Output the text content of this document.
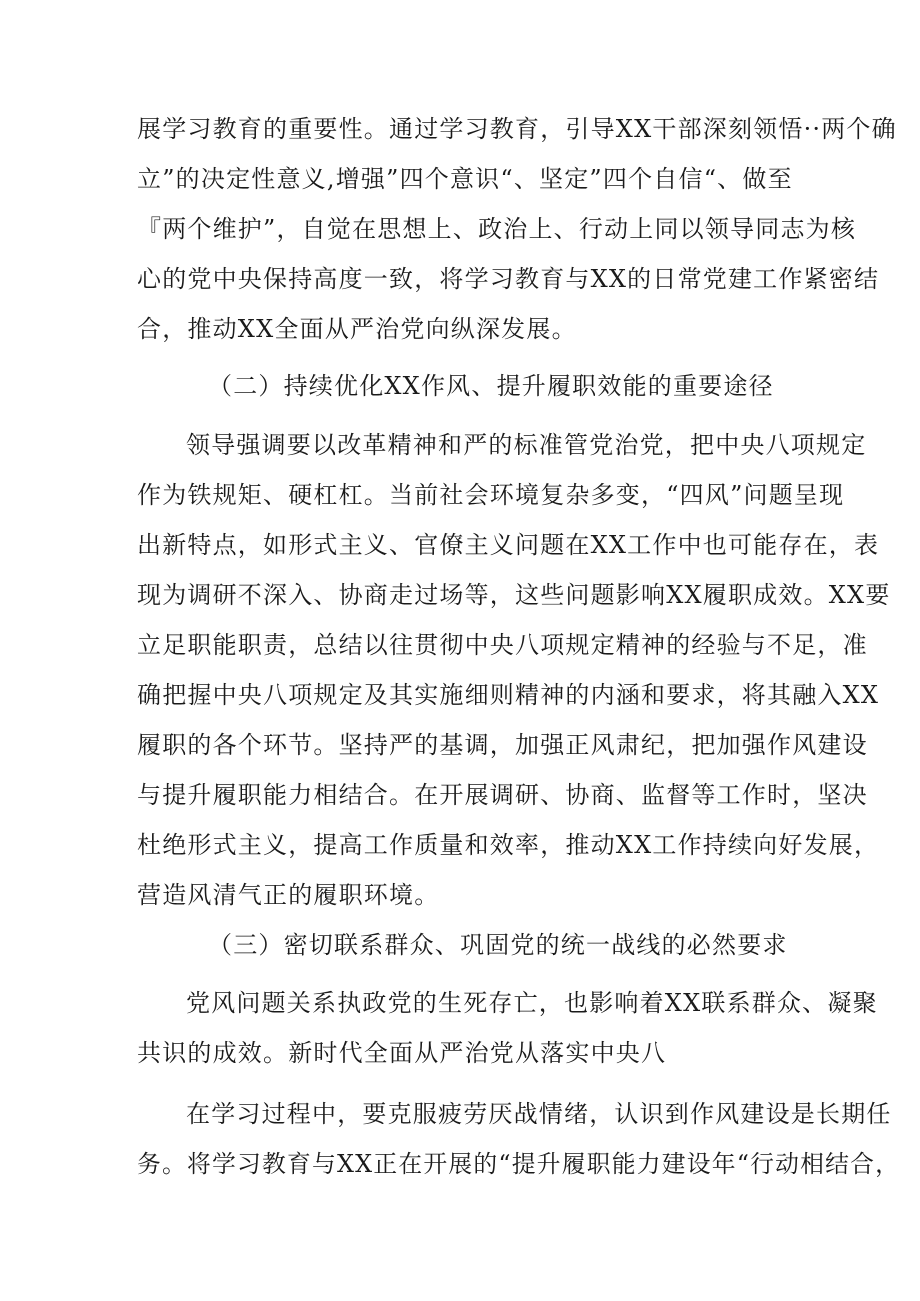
展学习教育的重要性。通过学习教育，引导XX干部深刻领悟··两个确
立”的决定性意义,增强”四个意识“、坚定”四个自信“、做至
『两个维护”，自觉在思想上、政治上、行动上同以领导同志为核
心的党中央保持高度一致，将学习教育与XX的日常党建工作紧密结
合，推动XX全面从严治党向纵深发展。
（二）持续优化XX作风、提升履职效能的重要途径
领导强调要以改革精神和严的标准管党治党，把中央八项规定
作为铁规矩、硬杠杠。当前社会环境复杂多变，“四风”问题呈现
出新特点，如形式主义、官僚主义问题在XX工作中也可能存在，表
现为调研不深入、协商走过场等，这些问题影响XX履职成效。XX要
立足职能职责，总结以往贯彻中央八项规定精神的经验与不足，准
确把握中央八项规定及其实施细则精神的内涵和要求，将其融入XX
履职的各个环节。坚持严的基调，加强正风肃纪，把加强作风建设
与提升履职能力相结合。在开展调研、协商、监督等工作时，坚决
杜绝形式主义，提高工作质量和效率，推动XX工作持续向好发展，
营造风清气正的履职环境。
（三）密切联系群众、巩固党的统一战线的必然要求
党风问题关系执政党的生死存亡，也影响着XX联系群众、凝聚
共识的成效。新时代全面从严治党从落实中央八
在学习过程中，要克服疲劳厌战情绪，认识到作风建设是长期任
务。将学习教育与XX正在开展的“提升履职能力建设年“行动相结合，
